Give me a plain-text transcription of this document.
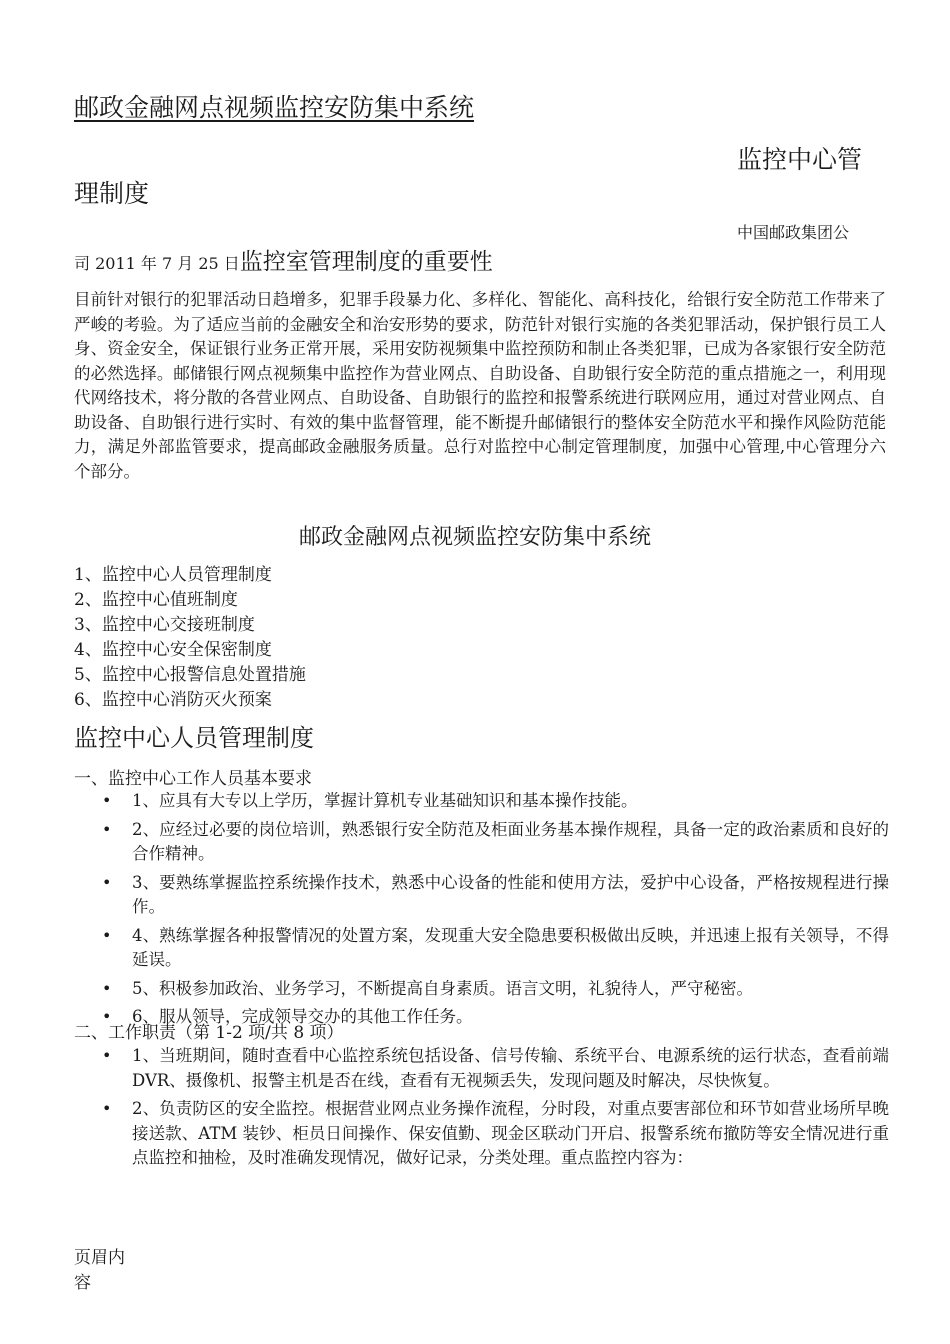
邮政金融网点视频监控安防集中系统
监控中心管
理制度
中国邮政集团公
司 2011 年 7 月 25 日监控室管理制度的重要性
目前针对银行的犯罪活动日趋增多，犯罪手段暴力化、多样化、智能化、高科技化，给银行安全防范工作带来了严峻的考验。为了适应当前的金融安全和治安形势的要求，防范针对银行实施的各类犯罪活动，保护银行员工人身、资金安全，保证银行业务正常开展，采用安防视频集中监控预防和制止各类犯罪，已成为各家银行安全防范的必然选择。邮储银行网点视频集中监控作为营业网点、自助设备、自助银行安全防范的重点措施之一，利用现代网络技术，将分散的各营业网点、自助设备、自助银行的监控和报警系统进行联网应用，通过对营业网点、自助设备、自助银行进行实时、有效的集中监督管理，能不断提升邮储银行的整体安全防范水平和操作风险防范能力，满足外部监管要求，提高邮政金融服务质量。总行对监控中心制定管理制度，加强中心管理,中心管理分六个部分。
邮政金融网点视频监控安防集中系统
1、监控中心人员管理制度
2、监控中心值班制度
3、监控中心交接班制度
4、监控中心安全保密制度
5、监控中心报警信息处置措施
6、监控中心消防灭火预案
监控中心人员管理制度
一、监控中心工作人员基本要求
• 1、应具有大专以上学历，掌握计算机专业基础知识和基本操作技能。
• 2、应经过必要的岗位培训，熟悉银行安全防范及柜面业务基本操作规程，具备一定的政治素质和良好的合作精神。
• 3、要熟练掌握监控系统操作技术，熟悉中心设备的性能和使用方法，爱护中心设备，严格按规程进行操作。
• 4、熟练掌握各种报警情况的处置方案，发现重大安全隐患要积极做出反映，并迅速上报有关领导，不得延误。
• 5、积极参加政治、业务学习，不断提高自身素质。语言文明，礼貌待人，严守秘密。
• 6、服从领导，完成领导交办的其他工作任务。
二、工作职责（第 1-2 项/共 8 项）
• 1、当班期间，随时查看中心监控系统包括设备、信号传输、系统平台、电源系统的运行状态，查看前端 DVR、摄像机、报警主机是否在线，查看有无视频丢失，发现问题及时解决，尽快恢复。
• 2、负责防区的安全监控。根据营业网点业务操作流程，分时段，对重点要害部位和环节如营业场所早晚接送款、ATM 装钞、柜员日间操作、保安值勤、现金区联动门开启、报警系统布撤防等安全情况进行重点监控和抽检，及时准确发现情况，做好记录，分类处理。重点监控内容为：
页眉内容
